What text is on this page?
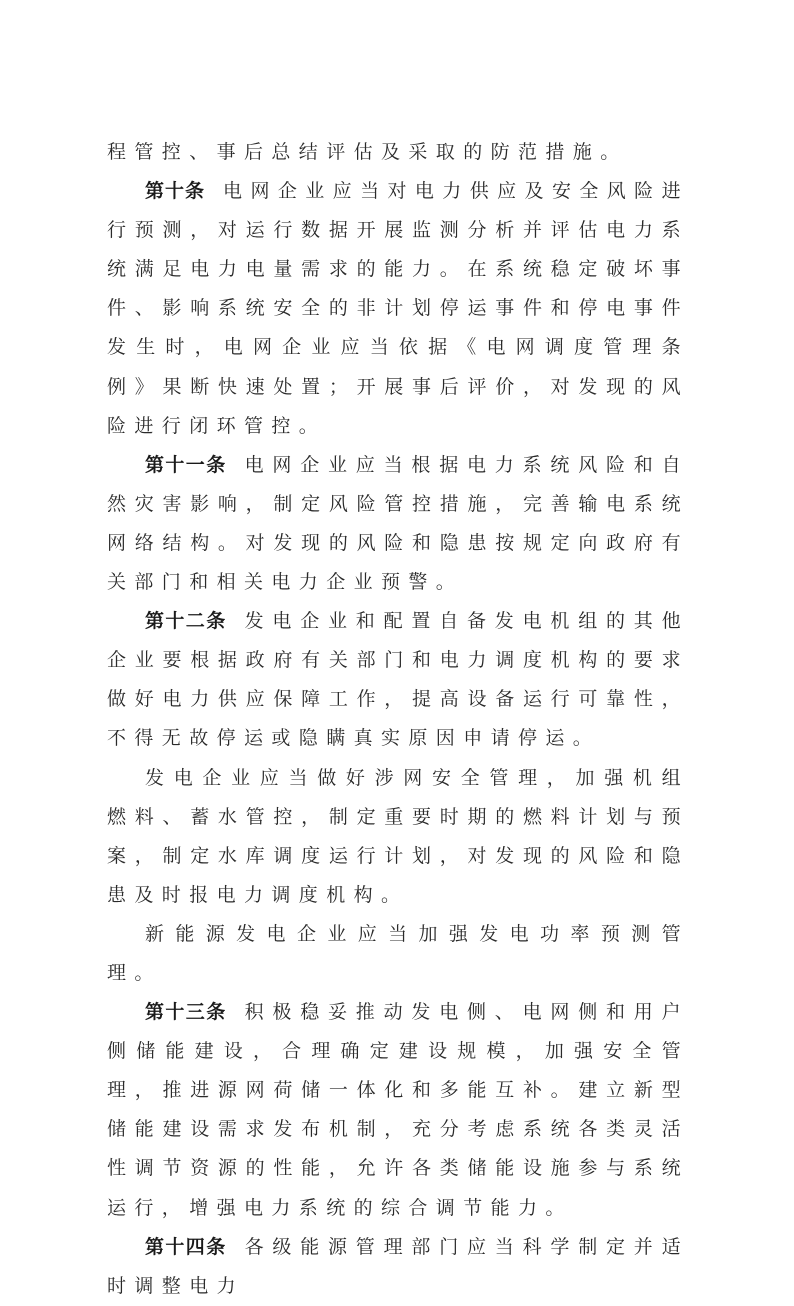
程管控、事后总结评估及采取的防范措施。

第十条 电网企业应当对电力供应及安全风险进行预测，对运行数据开展监测分析并评估电力系统满足电力电量需求的能力。在系统稳定破坏事件、影响系统安全的非计划停运事件和停电事件发生时，电网企业应当依据《电网调度管理条例》果断快速处置；开展事后评价，对发现的风险进行闭环管控。

第十一条 电网企业应当根据电力系统风险和自然灾害影响，制定风险管控措施，完善输电系统网络结构。对发现的风险和隐患按规定向政府有关部门和相关电力企业预警。

第十二条 发电企业和配置自备发电机组的其他企业要根据政府有关部门和电力调度机构的要求做好电力供应保障工作，提高设备运行可靠性，不得无故停运或隐瞒真实原因申请停运。

发电企业应当做好涉网安全管理，加强机组燃料、蓄水管控，制定重要时期的燃料计划与预案，制定水库调度运行计划，对发现的风险和隐患及时报电力调度机构。

新能源发电企业应当加强发电功率预测管理。

第十三条 积极稳妥推动发电侧、电网侧和用户侧储能建设，合理确定建设规模，加强安全管理，推进源网荷储一体化和多能互补。建立新型储能建设需求发布机制，充分考虑系统各类灵活性调节资源的性能，允许各类储能设施参与系统运行，增强电力系统的综合调节能力。

第十四条 各级能源管理部门应当科学制定并适时调整电力
